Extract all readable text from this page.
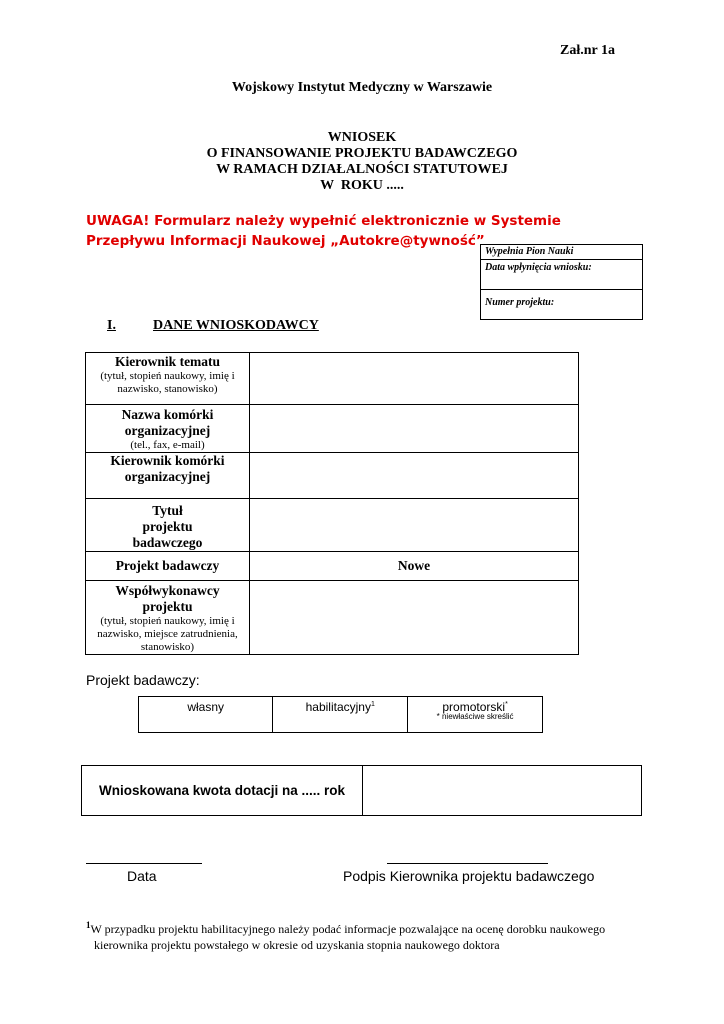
Zał.nr 1a
Wojskowy Instytut Medyczny w Warszawie
WNIOSEK
O FINANSOWANIE PROJEKTU BADAWCZEGO
W RAMACH DZIAŁALNOŚCI STATUTOWEJ
W  ROKU .....
UWAGA! Formularz należy wypełnić elektronicznie w Systemie
Przepływu Informacji Naukowej „Autokre@tywność”
Wypełnia Pion Nauki
Data wpłynięcia wniosku:
Numer projektu:
I.	DANE WNIOSKODAWCY
Kierownik tematu
(tytuł, stopień naukowy, imię i nazwisko, stanowisko)	

Nazwa komórki organizacyjnej
(tel., fax, e-mail)	

Kierownik komórki organizacyjnej	

Tytuł projektu badawczego	

Projekt badawczy	Nowe

Współwykonawcy projektu
(tytuł, stopień naukowy, imię i nazwisko, miejsce zatrudnienia, stanowisko)	

Projekt badawczy:
własny	habilitacyjny$^1$	promotorski*
* niewłaściwe skreślić
Wnioskowana kwota dotacji na ..... rok	
Data	Podpis Kierownika projektu badawczego
$^1$W przypadku projektu habilitacyjnego należy podać informacje pozwalające na ocenę dorobku naukowego
kierownika projektu powstałego w okresie od uzyskania stopnia naukowego doktora
